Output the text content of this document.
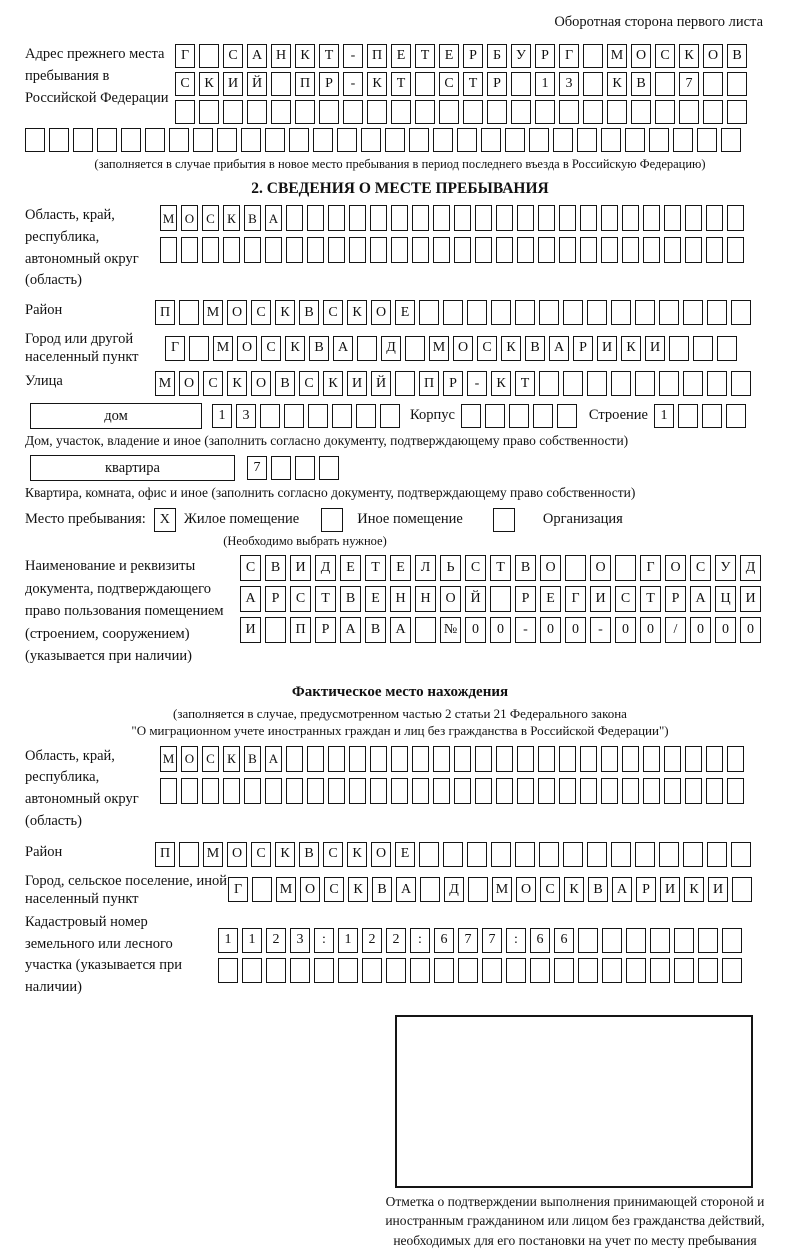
Оборотная сторона первого листа
Адрес прежнего места пребывания в Российской Федерации
Г	С	А Н	К	Т	-	П	Е	Т	Е	Р	Б	У	Р	Г	М О	С	К	О	В
С	К	И Й	П	Р	-	К	Т	С	Т	Р	1	3	К	В	7
(заполняется в случае прибытия в новое место пребывания в период последнего въезда в Российскую Федерацию)
2. СВЕДЕНИЯ О МЕСТЕ ПРЕБЫВАНИЯ
Область, край, республика, автономный округ (область)
М О С К В А
Район	П	М О	С	К	В	С	К	О	Е
Город или другой населенный пункт
Г	М О	С	К	В	А	Д	М О	С	К	В	А	Р	И	К	И
Улица	М О	С	К	О	В	С	К	И Й	П	Р	-	К	Т
дом	1	3	Корпус	Строение 1
Дом, участок, владение и иное (заполнить согласно документу, подтверждающему право собственности)
квартира	7
Квартира, комната, офис и иное (заполнить согласно документу, подтверждающему право собственности)
Место пребывания: X Жилое помещение	Иное помещение	Организация
(Необходимо выбрать нужное)
Наименование и реквизиты документа, подтверждающего право пользования помещением (строением, сооружением) (указывается при наличии)
С	В	И	Д	Е	Т	Е	Л	Ь	С	Т	В	О	О	Г	О	С	У	Д
А	Р	С	Т	В	Е	Н	Н	О	Й	Р	Е	Г	И	С	Т	Р	А	Ц	И
И	П	Р	А	В	А	№	0	0	-	0	0	-	0	0	/	0	0	0
Фактическое место нахождения
(заполняется в случае, предусмотренном частью 2 статьи 21 Федерального закона
"О миграционном учете иностранных граждан и лиц без гражданства в Российской Федерации")
Область, край, республика, автономный округ (область)
М О С К В А
Район	П	М О	С	К	В	С	К	О	Е
Город, сельское поселение, иной населенный пункт
Г	М О	С	К	В	А	Д	М О	С	К	В	А	Р	И	К	И
Кадастровый номер земельного или лесного участка (указывается при наличии)
1	1	2	3	:	1	2	2	:	6	7	7	:	6	6
Отметка о подтверждении выполнения принимающей стороной и иностранным гражданином или лицом без гражданства действий, необходимых для его постановки на учет по месту пребывания
